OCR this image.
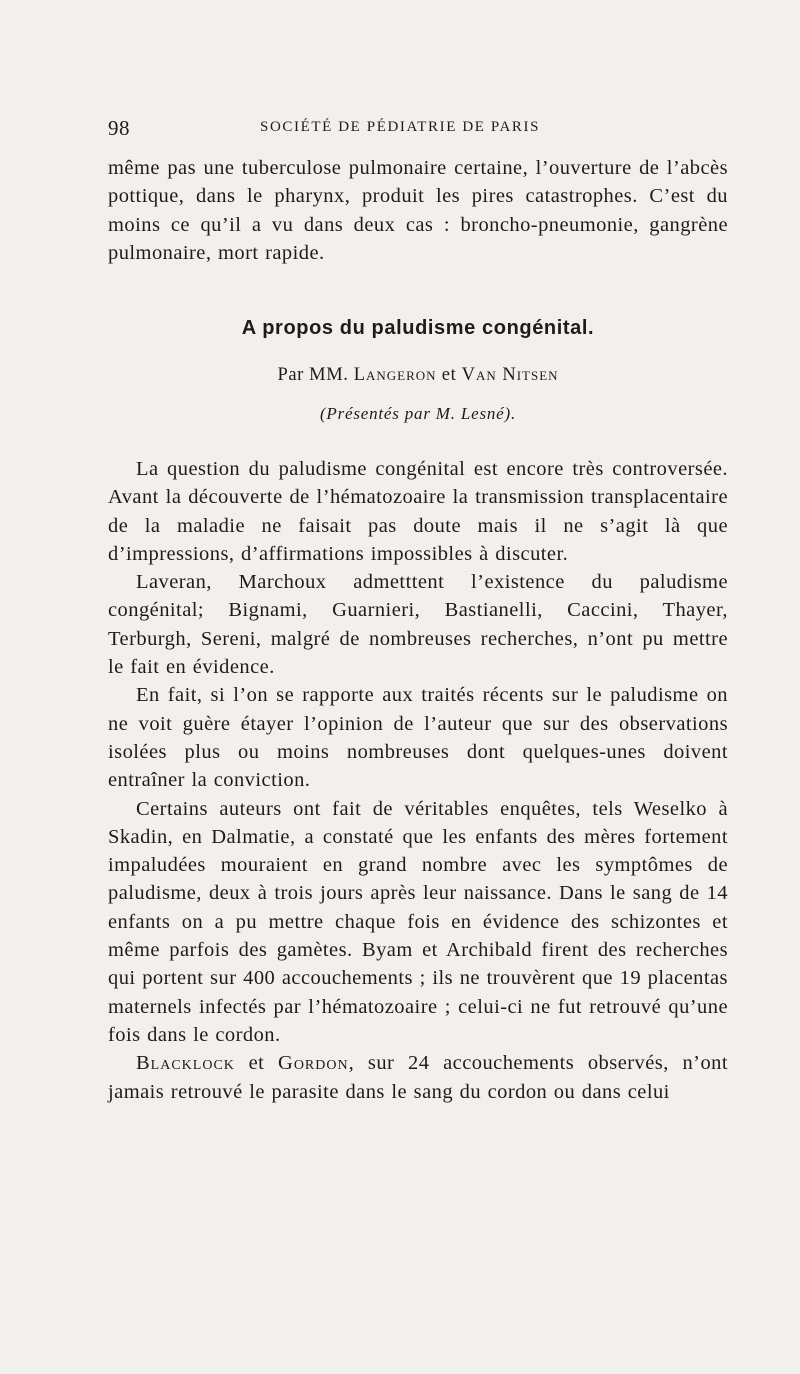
98	SOCIÉTÉ DE PÉDIATRIE DE PARIS

même pas une tuberculose pulmonaire certaine, l’ouverture de l’abcès pottique, dans le pharynx, produit les pires catastrophes. C’est du moins ce qu’il a vu dans deux cas : broncho-pneumonie, gangrène pulmonaire, mort rapide.

A propos du paludisme congénital.
Par MM. Langeron et Van Nitsen
(Présentés par M. Lesné).

La question du paludisme congénital est encore très controversée. Avant la découverte de l’hématozoaire la transmission transplacentaire de la maladie ne faisait pas doute mais il ne s’agit là que d’impressions, d’affirmations impossibles à discuter.

Laveran, Marchoux admetttent l’existence du paludisme congénital; Bignami, Guarnieri, Bastianelli, Caccini, Thayer, Terburgh, Sereni, malgré de nombreuses recherches, n’ont pu mettre le fait en évidence.

En fait, si l’on se rapporte aux traités récents sur le paludisme on ne voit guère étayer l’opinion de l’auteur que sur des observations isolées plus ou moins nombreuses dont quelques-unes doivent entraîner la conviction.

Certains auteurs ont fait de véritables enquêtes, tels Weselko à Skadin, en Dalmatie, a constaté que les enfants des mères fortement impaludées mouraient en grand nombre avec les symptômes de paludisme, deux à trois jours après leur naissance. Dans le sang de 14 enfants on a pu mettre chaque fois en évidence des schizontes et même parfois des gamètes. Byam et Archibald firent des recherches qui portent sur 400 accouchements ; ils ne trouvèrent que 19 placentas maternels infectés par l’hématozoaire ; celui-ci ne fut retrouvé qu’une fois dans le cordon.

Blacklock et Gordon, sur 24 accouchements observés, n’ont jamais retrouvé le parasite dans le sang du cordon ou dans celui
